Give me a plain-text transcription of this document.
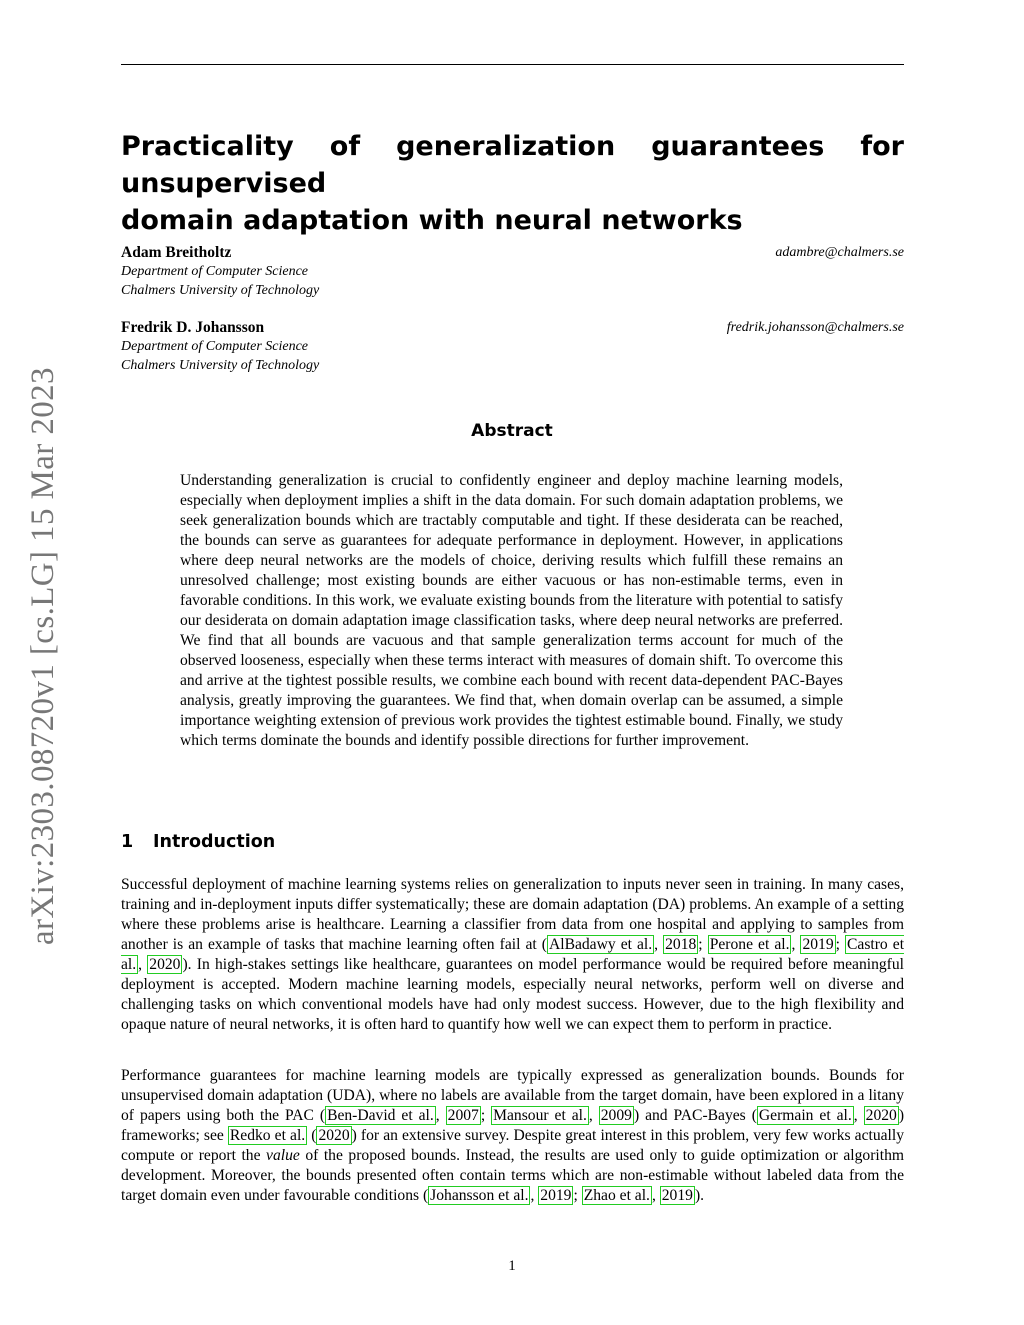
arXiv:2303.08720v1 [cs.LG] 15 Mar 2023
Practicality of generalization guarantees for unsupervised
domain adaptation with neural networks
Adam Breitholtz	adambre@chalmers.se
Department of Computer Science
Chalmers University of Technology
Fredrik D. Johansson	fredrik.johansson@chalmers.se
Department of Computer Science
Chalmers University of Technology
Abstract
Understanding generalization is crucial to confidently engineer and deploy machine learning models, especially when deployment implies a shift in the data domain. For such domain adaptation problems, we seek generalization bounds which are tractably computable and tight. If these desiderata can be reached, the bounds can serve as guarantees for adequate performance in deployment. However, in applications where deep neural networks are the models of choice, deriving results which fulfill these remains an unresolved challenge; most existing bounds are either vacuous or has non-estimable terms, even in favorable conditions. In this work, we evaluate existing bounds from the literature with potential to satisfy our desiderata on domain adaptation image classification tasks, where deep neural networks are preferred. We find that all bounds are vacuous and that sample generalization terms account for much of the observed looseness, especially when these terms interact with measures of domain shift. To overcome this and arrive at the tightest possible results, we combine each bound with recent data-dependent PAC-Bayes analysis, greatly improving the guarantees. We find that, when domain overlap can be assumed, a simple importance weighting extension of previous work provides the tightest estimable bound. Finally, we study which terms dominate the bounds and identify possible directions for further improvement.
1 Introduction

Successful deployment of machine learning systems relies on generalization to inputs never seen in training. In many cases, training and in-deployment inputs differ systematically; these are domain adaptation (DA) problems. An example of a setting where these problems arise is healthcare. Learning a classifier from data from one hospital and applying to samples from another is an example of tasks that machine learning often fail at ( AlBadawy et al. , 2018 ; Perone et al. , 2019 ; Castro et al. , 2020 ). In high-stakes settings like healthcare, guarantees on model performance would be required before meaningful deployment is accepted. Modern machine learning models, especially neural networks, perform well on diverse and challenging tasks on which conventional models have had only modest success. However, due to the high flexibility and opaque nature of neural networks, it is often hard to quantify how well we can expect them to perform in practice.

Performance guarantees for machine learning models are typically expressed as generalization bounds. Bounds for unsupervised domain adaptation (UDA), where no labels are available from the target domain, have been explored in a litany of papers using both the PAC ( Ben-David et al. , 2007 ; Mansour et al. , 2009 ) and PAC-Bayes ( Germain et al. , 2020 ) frameworks; see Redko et al. ( 2020 ) for an extensive survey. Despite great interest in this problem, very few works actually compute or report the value of the proposed bounds. Instead, the results are used only to guide optimization or algorithm development. Moreover, the bounds presented often contain terms which are non-estimable without labeled data from the target domain even under favourable conditions ( Johansson et al. , 2019 ; Zhao et al. , 2019 ).

1
